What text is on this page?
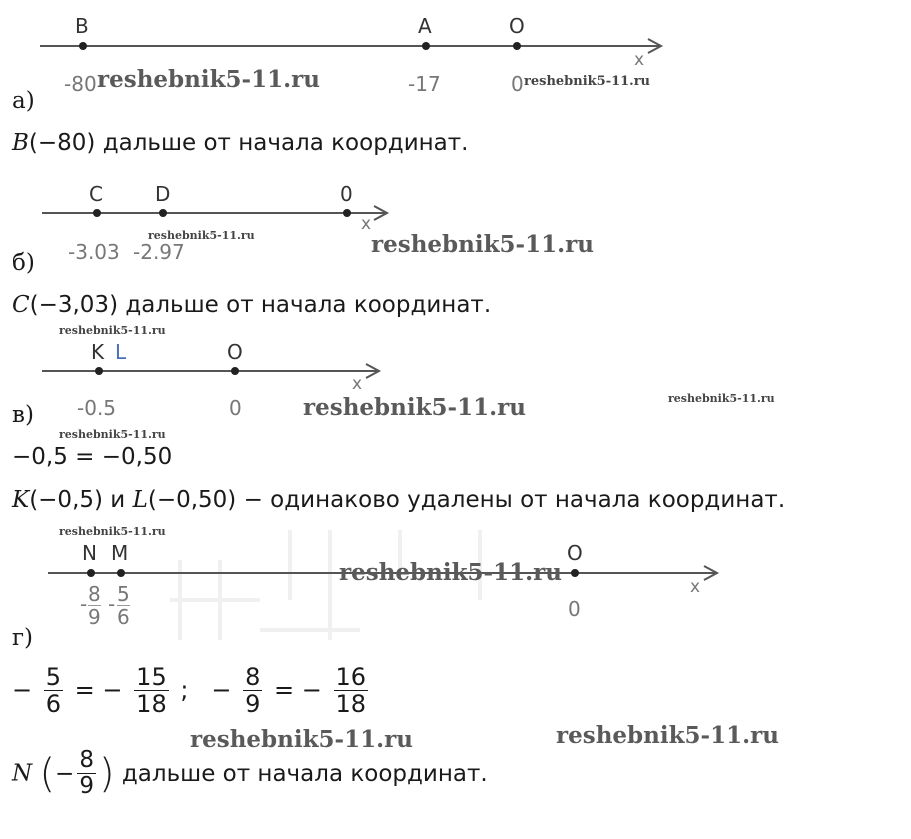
B	A	O
x
-80	-17	0
reshebnik5-11.ru	reshebnik5-11.ru
а)
B(−80) дальше от начала координат.
C	D	0
x
-3.03 -2.97
reshebnik5-11.ru	reshebnik5-11.ru
б)
C(−3,03) дальше от начала координат.
reshebnik5-11.ru
K L	O
x
-0.5	0	reshebnik5-11.ru	reshebnik5-11.ru
в)
reshebnik5-11.ru
−0,5 = −0,50
K(−0,5) и L(−0,50) − одинаково удалены от начала координат.
reshebnik5-11.ru
N M	O
reshebnik5-11.ru
x
- $\frac{8}{9} - \frac{5}{6}$	0
г)
− $\frac{5}{6}$ = − $\frac{15}{18}$ ;   − $\frac{8}{9}$ = − $\frac{16}{18}$
reshebnik5-11.ru	reshebnik5-11.ru
N (− $\frac{8}{9}$ ) дальше от начала координат.
